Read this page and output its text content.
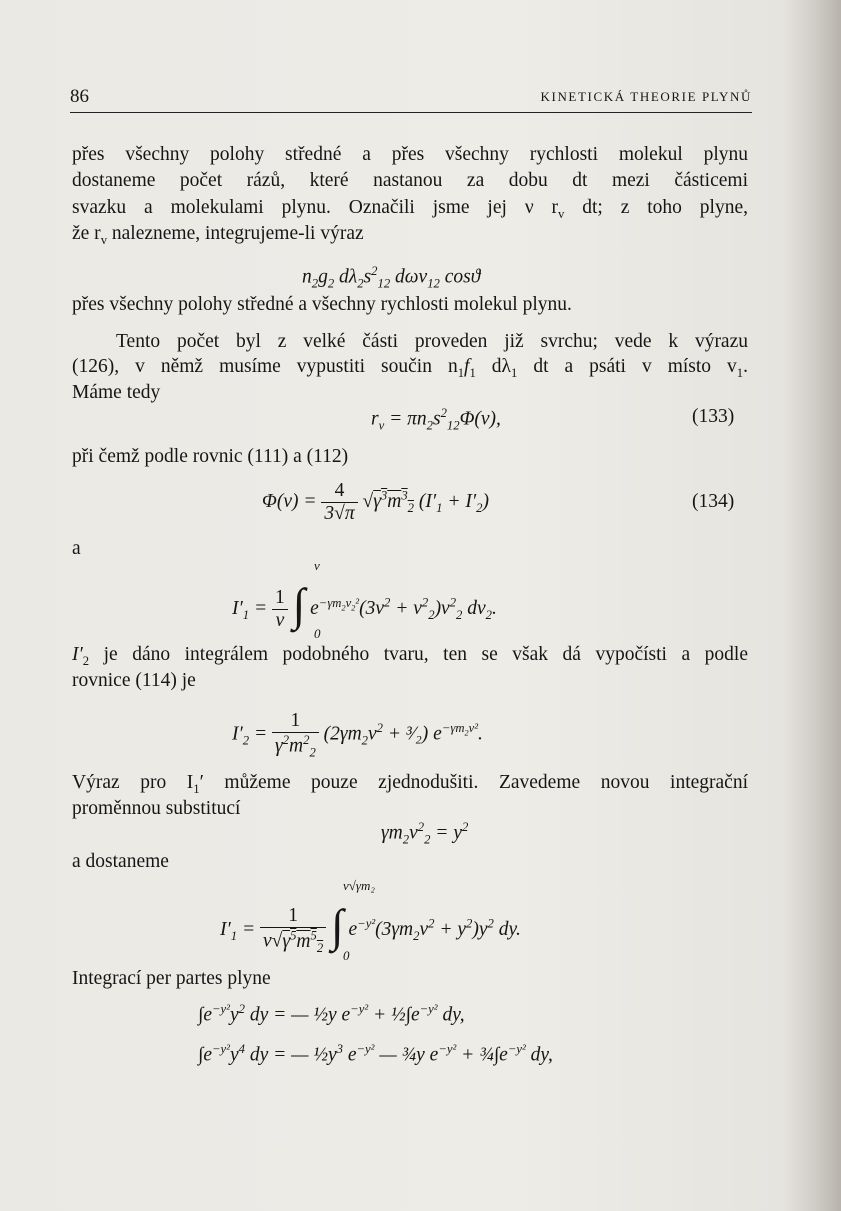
86	KINETICKÁ THEORIE PLYNŮ
přes všechny polohy středné a přes všechny rychlosti molekul plynu
dostaneme počet rázů, které nastanou za dobu dt mezi částicemi
svazku a molekulami plynu. Označili jsme jej ν $r_v$ dt; z toho plyne,
že $r_v$ nalezneme, integrujeme-li výraz
$n_2g_2$ $d\lambda_2s^2_{12}$ dωv$_{12}$ cosϑ
přes všechny polohy středné a všechny rychlosti molekul plynu.
Tento počet byl z velké části proveden již svrchu; vede k výrazu
(126), v němž musíme vypustiti součin $n_1f_1$ $d\lambda_1$ dt a psáti v místo $v_1$.
Máme tedy
$r_v = \pi n_2s^2_{12}\Phi(v)$,	(133)
při čemž podle rovnic (111) a (112)
$\Phi(v) = \frac{4}{3√\pi} √\gamma^3m^3_2$ $(I'_1 + I'_2)$	(134)
a
$I'_1 = \frac{1}{v}$ ∫ $e^{-\gamma m_2v_2^2}(3v^2 + v^2_2)v^2_2$ $dv_2$.
v
0
$I'_2$ je dáno integrálem podobného tvaru, ten se však dá vypočísti a podle
rovnice (114) je
$I'_2 = \frac{1}{\gamma^2m^2_2} (2\gamma m_2v^2$ + ³⁄₂) $e^{-\gamma m_2v^2}$.
Výraz pro $I_1'$ můžeme pouze zjednodušiti. Zavedeme novou integrační
proměnnou substitucí
$\gamma m_2v^2_2 = y^2$
a dostaneme
$I'_1 = \frac{1}{v√\gamma^5m^5_2}$ ∫ $e^{-y^2}(3\gamma m_2v^2 + y^2)y^2$ dy.
v√γm₂
0
Integrací per partes plyne
$\int e^{-y^2}y^2$ dy = — ½y $e^{-y^2}$ + $\frac{1}{2}\int e^{-y^2}$ dy,
$\int e^{-y^2}y^4$ dy = — $\frac{1}{2}y^3$ $e^{-y^2}$ — ¾y $e^{-y^2}$ + $\frac{3}{4}\int e^{-y^2}$ dy,
